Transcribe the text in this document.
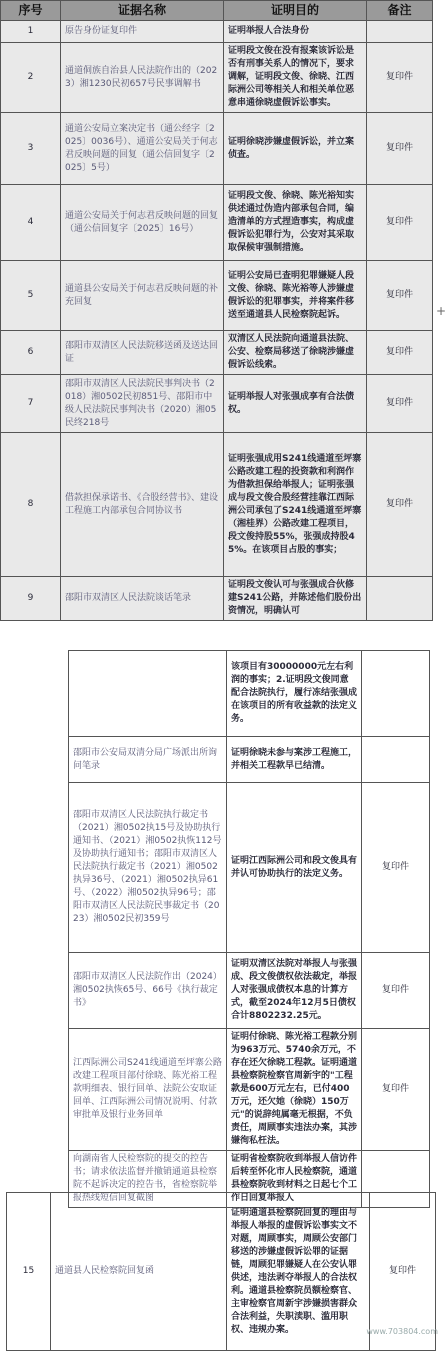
序号	证据名称	证明目的	备注
1	原告身份证复印件	证明举报人合法身份	
2	通道侗族自治县人民法院作出的（2023）湘1230民初657号民事调解书	证明段文俊在没有报案该诉讼是否有刑事关系人的情况下，要求调解，证明段文俊、徐晓、江西际洲公司等相关人和相关单位恶意串通徐晓虚假诉讼事实。	复印件
3	通道公安局立案决定书（通公经字〔2025〕0036号）、通道公安局关于何志君反映问题的回复（通公信回复字〔2025〕5号）	证明徐晓涉嫌虚假诉讼，并立案侦查。	复印件
4	通道公安局关于何志君反映问题的回复（通公信回复字〔2025〕16号）	证明段文俊、徐晓、陈光裕知实供述通过伪造内部承包合同，编造清单的方式捏造事实，构成虚假诉讼犯罪行为，公安对其采取取保候审强制措施。	复印件
5	通道县公安局关于何志君反映问题的补充回复	证明公安局已查明犯罪嫌疑人段文俊、徐晓、陈光裕等人涉嫌虚假诉讼的犯罪事实，并将案件移送至通道县人民检察院起诉。	复印件
6	邵阳市双清区人民法院移送函及送达回证	双清区人民法院向通道县法院、公安、检察局移送了徐晓涉嫌虚假诉讼线索。	复印件
7	邵阳市双清区人民法院民事判决书（2018）湘0502民初851号、邵阳市中级人民法院民事判决书（2020）湘05民终218号	证明举报人对张强成享有合法债权。	复印件
8	借款担保承诺书、《合股经营书》、建设工程施工内部承包合同协议书	证明张强成用S241线通道至坪寨公路改建工程的投资款和利润作为借款担保给举报人；证明张强成与段文俊合股经营挂靠江西际洲公司承包了S241线通道至坪寨（湘桂界）公路改建工程项目，段文俊持股55%，张强成持股45%。在该项目占股的事实；	复印件
9	邵阳市双清区人民法院谈话笔录	证明段文俊认可与张强成合伙修建S241公路，并陈述他们股份出资情况，明确认可	
+
		该项目有30000000元左右利润的事实；2.证明段文俊同意配合法院执行，履行冻结张强成在该项目的所有收益款的法定义务。	
	邵阳市公安局双清分局广场派出所询问笔录	证明徐晓未参与案涉工程施工，并相关工程款早已结清。	
	邵阳市双清区人民法院执行裁定书（2021）湘0502执15号及协助执行通知书、（2021）湘0502执恢112号及协助执行通知书；邵阳市双清区人民法院执行裁定书（2021）湘0502执异36号、（2021）湘0502执异61号、（2022）湘0502执异96号；邵阳市双清区人民法院民事裁定书（2023）湘0502民初359号	证明江西际洲公司和段文俊具有并认可协助执行的法定义务。	复印件
	邵阳市双清区人民法院作出（2024）湘0502执恢65号、66号《执行裁定书》	证明双清区法院对举报人与张强成、段文俊债权依法裁定，举报人对张强成债权本息的计算方式，截至2024年12月5日债权合计8802232.25元。	复印件
	江西际洲公司S241线通道至坪寨公路改建工程项目部付徐晓、陈光裕工程款明细表、银行回单、法院公安取证回单、江西际洲公司情况说明、付款审批单及银行业务回单	证明付徐晓、陈光裕工程款分别为963万元、5740余万元，不存在还欠徐晓工程款。证明通道县检察院检察官周新宇的"工程款是600万元左右，已付400万元，还欠她（徐晓）150万元"的说辞纯属毫无根据，不负责任，周顾事实违法办案，其涉嫌徇私枉法。	复印件
	向湖南省人民检察院的提交的控告书；请求依法监督并撤销通道县检察院不起诉决定的控告书，省检察院举报热线短信回复截图	证明省检察院收到举报人信访件后转至怀化市人民检察院，通道县检察院收到材料之日起七个工作日回复举报人	
15	通道县人民检察院回复函	证明通道县检察院回复的理由与举报人举报的虚假诉讼事实文不对题，周顾事实，周顾公安部门移送的涉嫌虚假诉讼罪的证据链，周顾犯罪嫌疑人在公安认罪供述，违法剥夺举报人的合法权利。通道县检察院员额检察官、主审检察官周新宇涉嫌损害群众合法利益，失职渎职、滥用职权、违规办案。	复印件
www.703804.com
